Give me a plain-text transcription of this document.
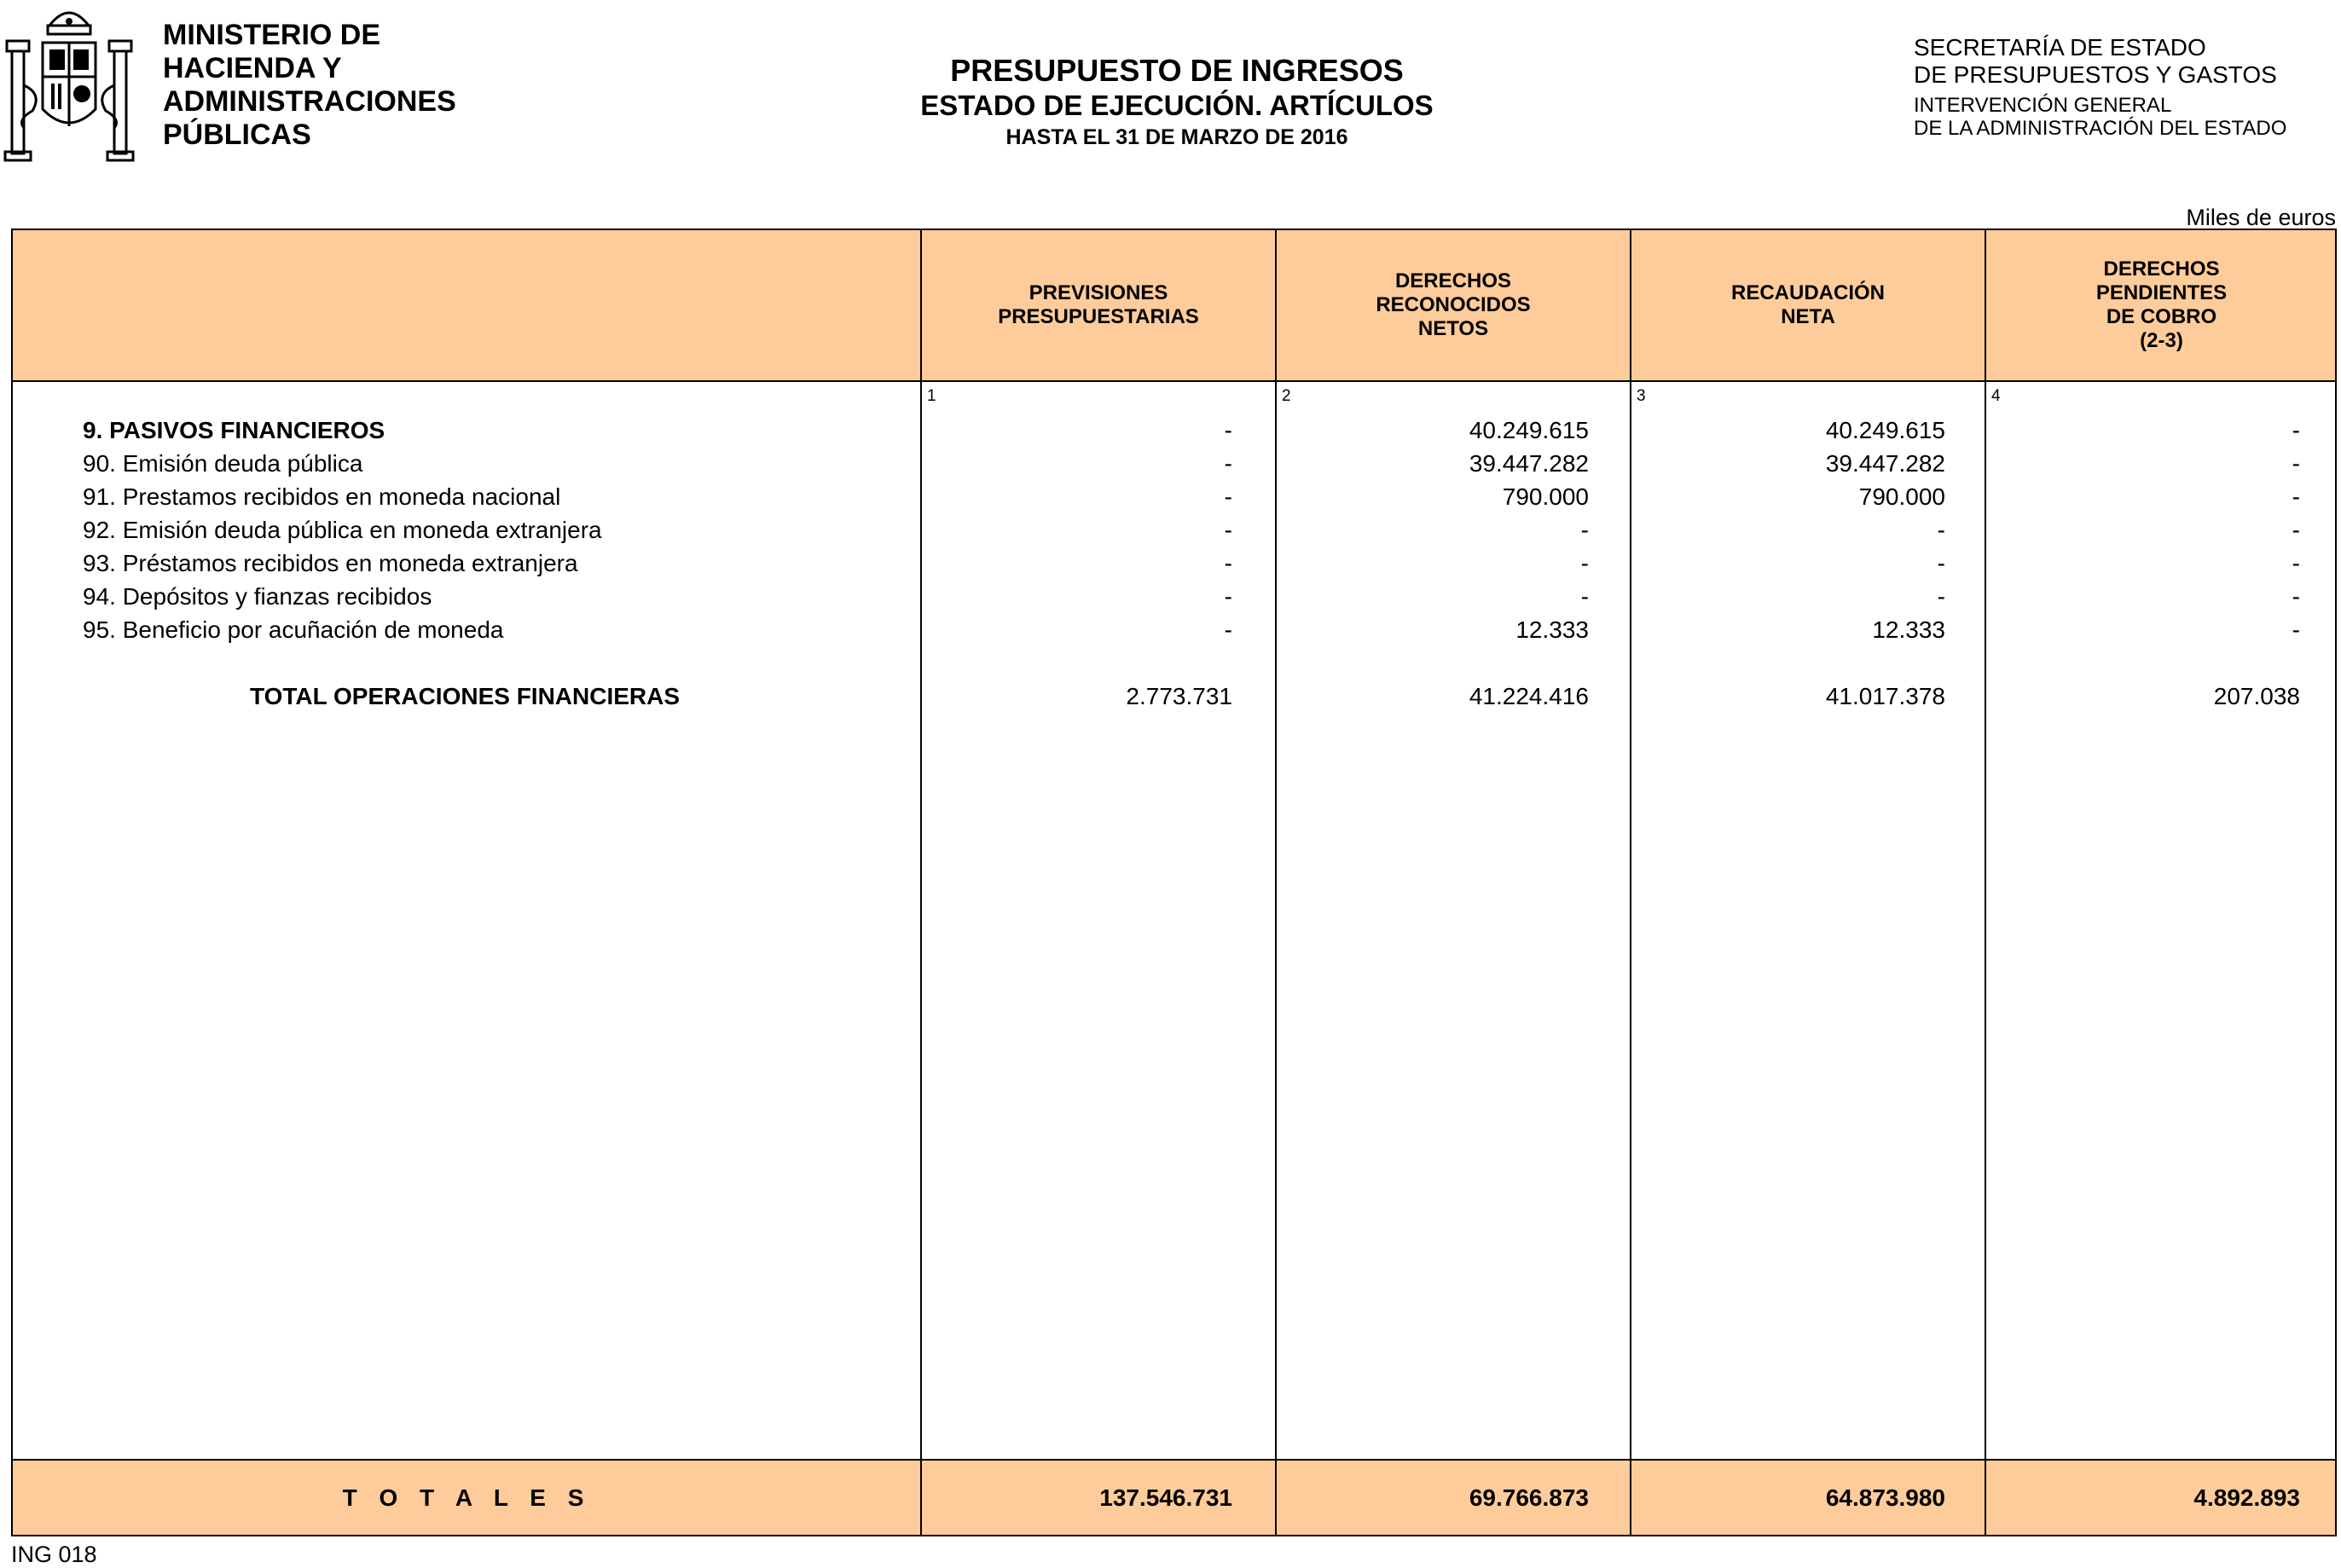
MINISTERIO DE
HACIENDA Y
ADMINISTRACIONES
PÚBLICAS
PRESUPUESTO DE INGRESOS
ESTADO DE EJECUCIÓN. ARTÍCULOS
HASTA EL 31 DE MARZO DE 2016
SECRETARÍA DE ESTADO
DE PRESUPUESTOS Y GASTOS
INTERVENCIÓN GENERAL
DE LA ADMINISTRACIÓN DEL ESTADO
Miles de euros
PREVISIONES
PRESUPUESTARIAS
DERECHOS
RECONOCIDOS
NETOS
RECAUDACIÓN
NETA
DERECHOS
PENDIENTES
DE COBRO
(2-3)
1	2	3	4
9. PASIVOS FINANCIEROS	-	40.249.615	40.249.615	-
90. Emisión deuda pública	-	39.447.282	39.447.282	-
91. Prestamos recibidos en moneda nacional	-	790.000	790.000	-
92. Emisión deuda pública en moneda extranjera	-	-	-	-
93. Préstamos recibidos en moneda extranjera	-	-	-	-
94. Depósitos y fianzas recibidos	-	-	-	-
95. Beneficio por acuñación de moneda	-	12.333	12.333	-
TOTAL OPERACIONES FINANCIERAS	2.773.731	41.224.416	41.017.378	207.038
T O T A L E S	137.546.731	69.766.873	64.873.980	4.892.893
ING 018
